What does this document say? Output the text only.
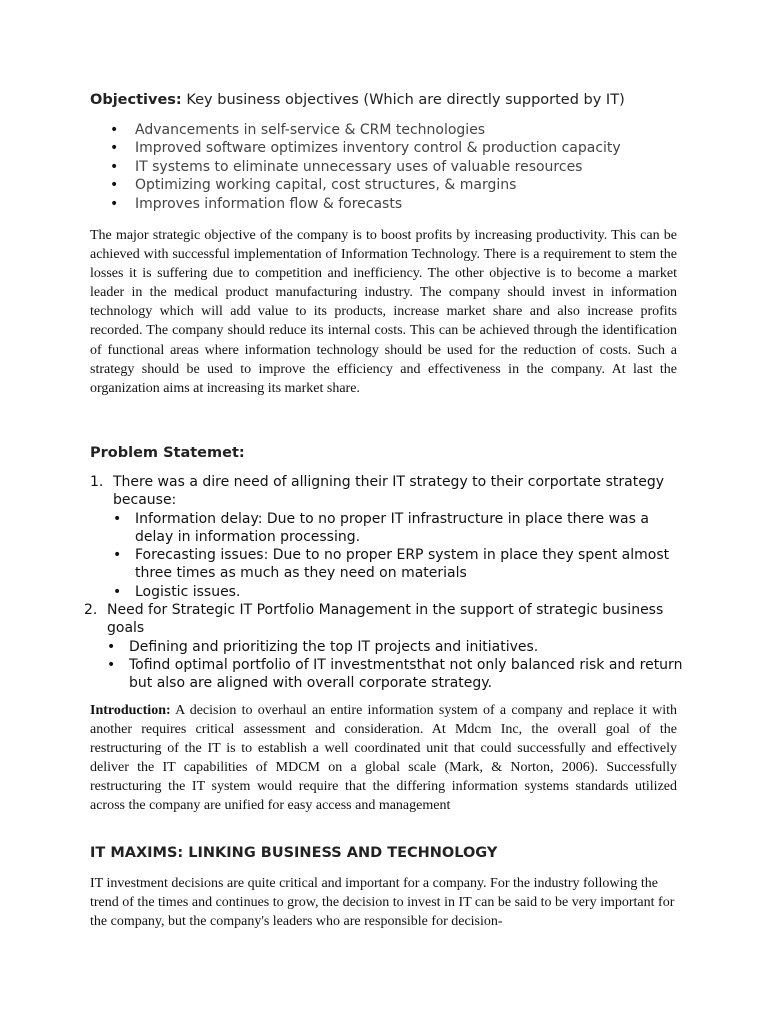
Objectives: Key business objectives (Which are directly supported by IT)
• Advancements in self-service & CRM technologies
• Improved software optimizes inventory control & production capacity
• IT systems to eliminate unnecessary uses of valuable resources
• Optimizing working capital, cost structures, & margins
• Improves information flow & forecasts

The major strategic objective of the company is to boost profits by increasing productivity. This can be achieved with successful implementation of Information Technology. There is a requirement to stem the losses it is suffering due to competition and inefficiency. The other objective is to become a market leader in the medical product manufacturing industry. The company should invest in information technology which will add value to its products, increase market share and also increase profits recorded. The company should reduce its internal costs. This can be achieved through the identification of functional areas where information technology should be used for the reduction of costs. Such a strategy should be used to improve the efficiency and effectiveness in the company. At last the organization aims at increasing its market share.

Problem Statemet:
1. There was a dire need of alligning their IT strategy to their corportate strategy because:
• Information delay: Due to no proper IT infrastructure in place there was a delay in information processing.
• Forecasting issues: Due to no proper ERP system in place they spent almost three times as much as they need on materials
• Logistic issues.
2. Need for Strategic IT Portfolio Management in the support of strategic business goals
• Defining and prioritizing the top IT projects and initiatives.
• Tofind optimal portfolio of IT investmentsthat not only balanced risk and return but also are aligned with overall corporate strategy.

Introduction: A decision to overhaul an entire information system of a company and replace it with another requires critical assessment and consideration. At Mdcm Inc, the overall goal of the restructuring of the IT is to establish a well coordinated unit that could successfully and effectively deliver the IT capabilities of MDCM on a global scale (Mark, & Norton, 2006). Successfully restructuring the IT system would require that the differing information systems standards utilized across the company are unified for easy access and management

IT MAXIMS: LINKING BUSINESS AND TECHNOLOGY

IT investment decisions are quite critical and important for a company. For the industry following the trend of the times and continues to grow, the decision to invest in IT can be said to be very important for the company, but the company's leaders who are responsible for decision-
